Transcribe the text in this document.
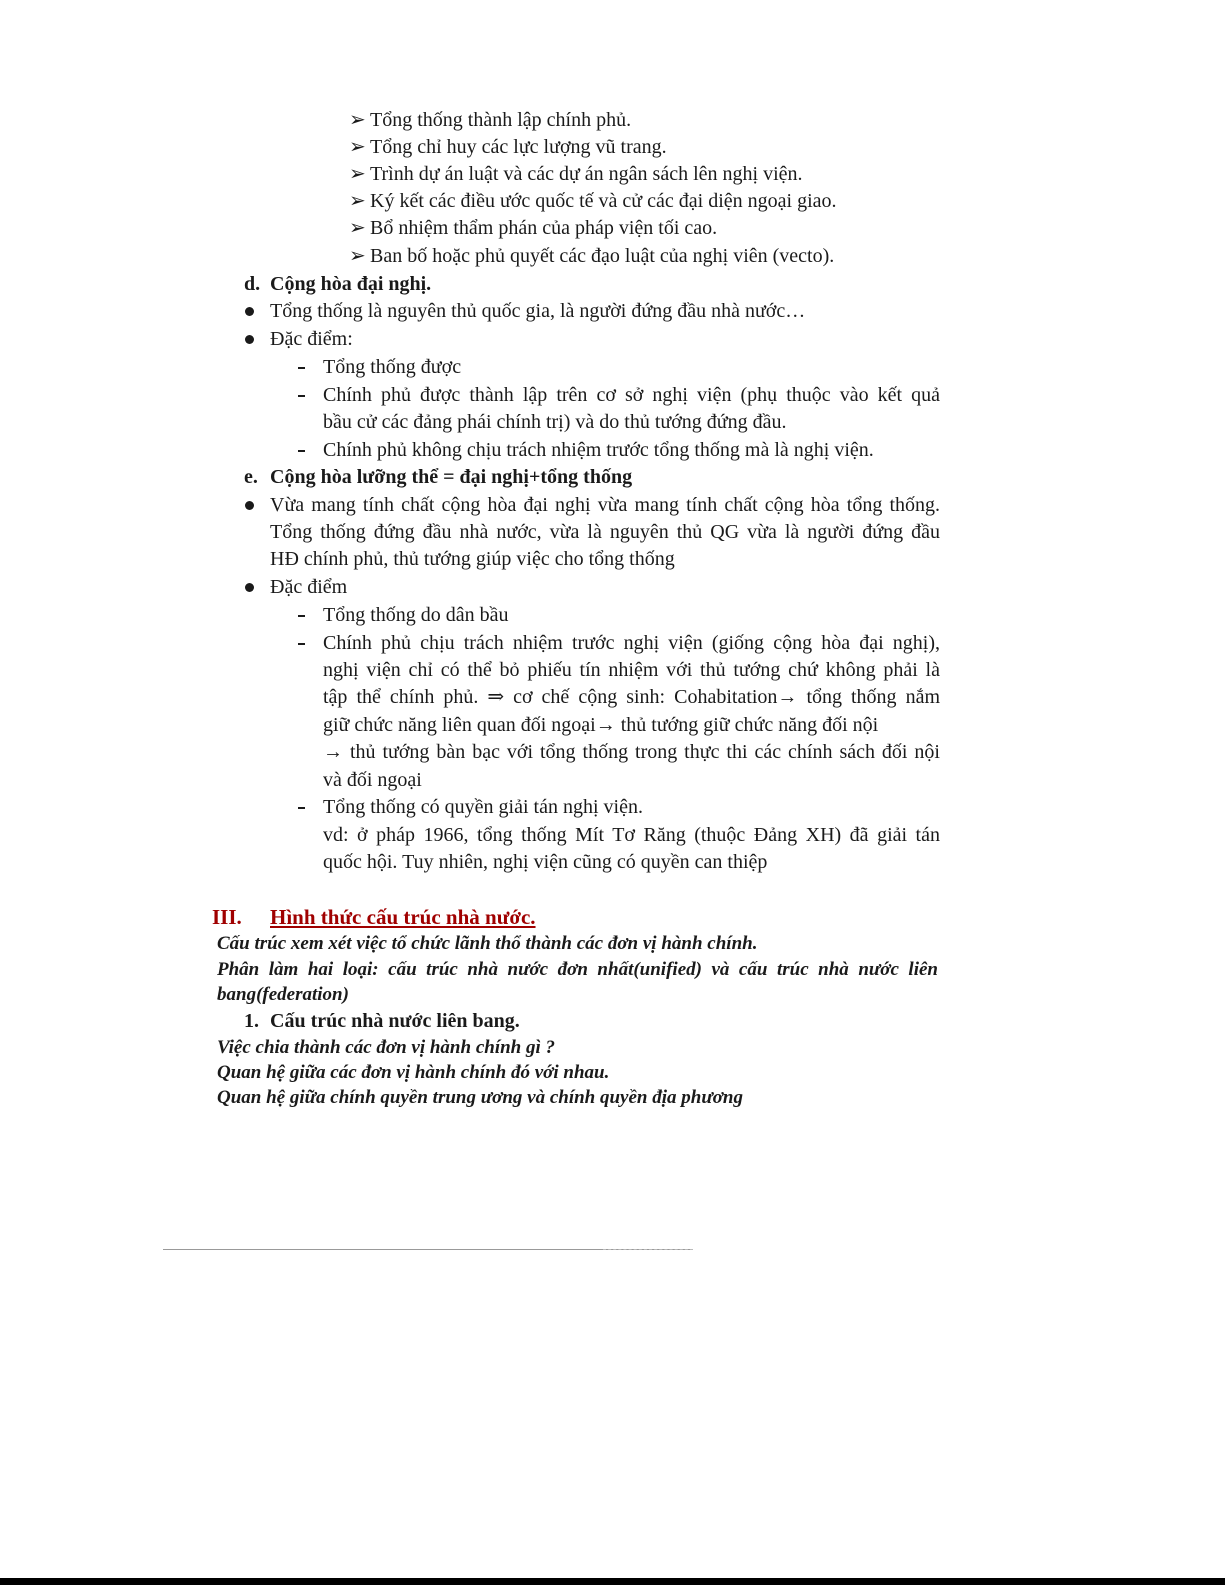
➢ Tổng thống thành lập chính phủ.
➢ Tổng chỉ huy các lực lượng vũ trang.
➢ Trình dự án luật và các dự án ngân sách lên nghị viện.
➢ Ký kết các điều ước quốc tế và cử các đại diện ngoại giao.
➢ Bổ nhiệm thẩm phán của pháp viện tối cao.
➢ Ban bố hoặc phủ quyết các đạo luật của nghị viên (vecto).
d. Cộng hòa đại nghị.
Tổng thống là nguyên thủ quốc gia, là người đứng đầu nhà nước…
Đặc điểm:
Tổng thống được
Chính phủ được thành lập trên cơ sở nghị viện (phụ thuộc vào kết quả
bầu cử các đảng phái chính trị) và do thủ tướng đứng đầu.
Chính phủ không chịu trách nhiệm trước tổng thống mà là nghị viện.
e. Cộng hòa lưỡng thể = đại nghị+tổng thống
Vừa mang tính chất cộng hòa đại nghị vừa mang tính chất cộng hòa tổng thống.
Tổng thống đứng đầu nhà nước, vừa là nguyên thủ QG vừa là người đứng đầu
HĐ chính phủ, thủ tướng giúp việc cho tổng thống
Đặc điểm
Tổng thống do dân bầu
Chính phủ chịu trách nhiệm trước nghị viện (giống cộng hòa đại nghị),
nghị viện chỉ có thể bỏ phiếu tín nhiệm với thủ tướng chứ không phải là
tập thể chính phủ. ⇒ cơ chế cộng sinh: Cohabitation→ tổng thống nắm
giữ chức năng liên quan đối ngoại→ thủ tướng giữ chức năng đối nội
→ thủ tướng bàn bạc với tổng thống trong thực thi các chính sách đối nội
và đối ngoại
Tổng thống có quyền giải tán nghị viện.
vd: ở pháp 1966, tổng thống Mít Tơ Răng (thuộc Đảng XH) đã giải tán
quốc hội. Tuy nhiên, nghị viện cũng có quyền can thiệp
III. Hình thức cấu trúc nhà nước.
Cấu trúc xem xét việc tổ chức lãnh thổ thành các đơn vị hành chính.
Phân làm hai loại: cấu trúc nhà nước đơn nhất(unified) và cấu trúc nhà nước liên
bang(federation)
1. Cấu trúc nhà nước liên bang.
Việc chia thành các đơn vị hành chính gì ?
Quan hệ giữa các đơn vị hành chính đó với nhau.
Quan hệ giữa chính quyền trung ương và chính quyền địa phương
